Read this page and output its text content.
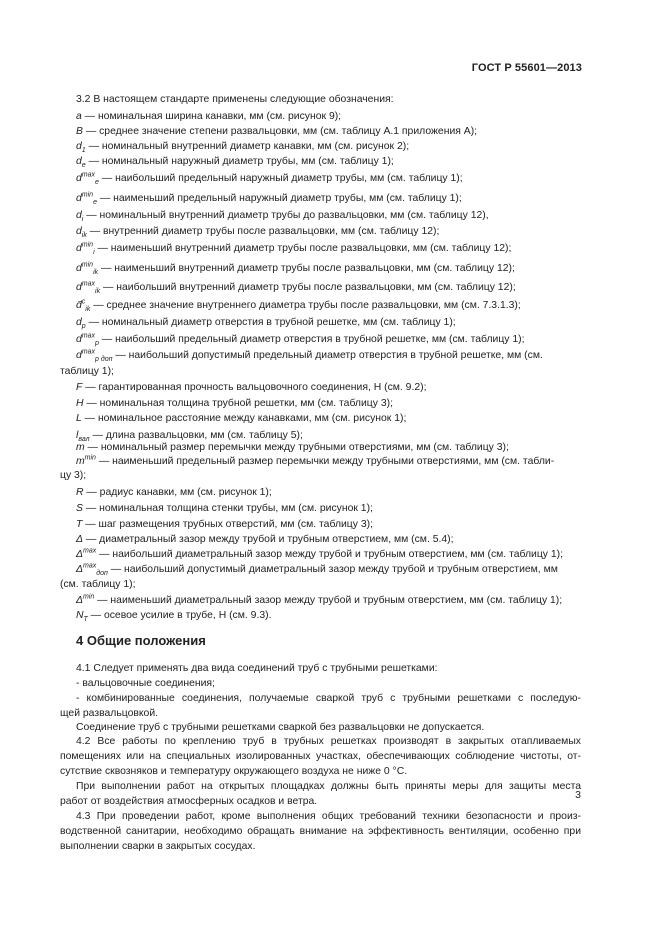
ГОСТ Р 55601—2013
3.2 В настоящем стандарте применены следующие обозначения:
a — номинальная ширина канавки, мм (см. рисунок 9);
B — среднее значение степени развальцовки, мм (см. таблицу А.1 приложения А);
$d_1$ — номинальный внутренний диаметр канавки, мм (см. рисунок 2);
$d_e$ — номинальный наружный диаметр трубы, мм (см. таблицу 1);
$d^{max}_e$ — наибольший предельный наружный диаметр трубы, мм (см. таблицу 1);
$d^{min}_e$ — наименьший предельный наружный диаметр трубы, мм (см. таблицу 1);
$d_i$ — номинальный внутренний диаметр трубы до развальцовки, мм (см. таблицу 12),
$d_{ik}$ — внутренний диаметр трубы после развальцовки, мм (см. таблицу 12);
$d^{min}_i$ — наименьший внутренний диаметр трубы после развальцовки, мм (см. таблицу 12);
$d^{min}_{ik}$ — наименьший внутренний диаметр трубы после развальцовки, мм (см. таблицу 12);
$d^{max}_{ik}$ — наибольший внутренний диаметр трубы после развальцовки, мм (см. таблицу 12);
d̄$^c_{ik}$ — среднее значение внутреннего диаметра трубы после развальцовки, мм (см. 7.3.1.3);
$d_p$ — номинальный диаметр отверстия в трубной решетке, мм (см. таблицу 1);
$d^{max}_p$ — наибольший предельный диаметр отверстия в трубной решетке, мм (см. таблицу 1);
$d^{max}_{p доп}$ — наибольший допустимый предельный диаметр отверстия в трубной решетке, мм (см.
таблицу 1);
F — гарантированная прочность вальцовочного соединения, Н (см. 9.2);
H — номинальная толщина трубной решетки, мм (см. таблицу 3);
L — номинальное расстояние между канавками, мм (см. рисунок 1);
$l_{вал}$ — длина развальцовки, мм (см. таблицу 5);
m — номинальный размер перемычки между трубными отверстиями, мм (см. таблицу 3);
$m^{min}$ — наименьший предельный размер перемычки между трубными отверстиями, мм (см. табли-
цу 3);
R — радиус канавки, мм (см. рисунок 1);
S — номинальная толщина стенки трубы, мм (см. рисунок 1);
T — шаг размещения трубных отверстий, мм (см. таблицу 3);
Δ — диаметральный зазор между трубой и трубным отверстием, мм (см. 5.4);
$\Delta^{max}$ — наибольший диаметральный зазор между трубой и трубным отверстием, мм (см. таблицу 1);
$\Delta^{max}_{доп}$ — наибольший допустимый диаметральный зазор между трубой и трубным отверстием, мм
(см. таблицу 1);
$\Delta^{min}$ — наименьший диаметральный зазор между трубой и трубным отверстием, мм (см. таблицу 1);
$N_T$ — осевое усилие в трубе, Н (см. 9.3).
4 Общие положения
4.1 Следует применять два вида соединений труб с трубными решетками:
- вальцовочные соединения;
- комбинированные соединения, получаемые сваркой труб с трубными решетками с последую-
щей развальцовкой.
Соединение труб с трубными решетками сваркой без развальцовки не допускается.
4.2 Все работы по креплению труб в трубных решетках производят в закрытых отапливаемых
помещениях или на специальных изолированных участках, обеспечивающих соблюдение чистоты, от-
сутствие сквозняков и температуру окружающего воздуха не ниже 0 °С.
При выполнении работ на открытых площадках должны быть приняты меры для защиты места
работ от воздействия атмосферных осадков и ветра.
4.3 При проведении работ, кроме выполнения общих требований техники безопасности и произ-
водственной санитарии, необходимо обращать внимание на эффективность вентиляции, особенно при
выполнении сварки в закрытых сосудах.
3
